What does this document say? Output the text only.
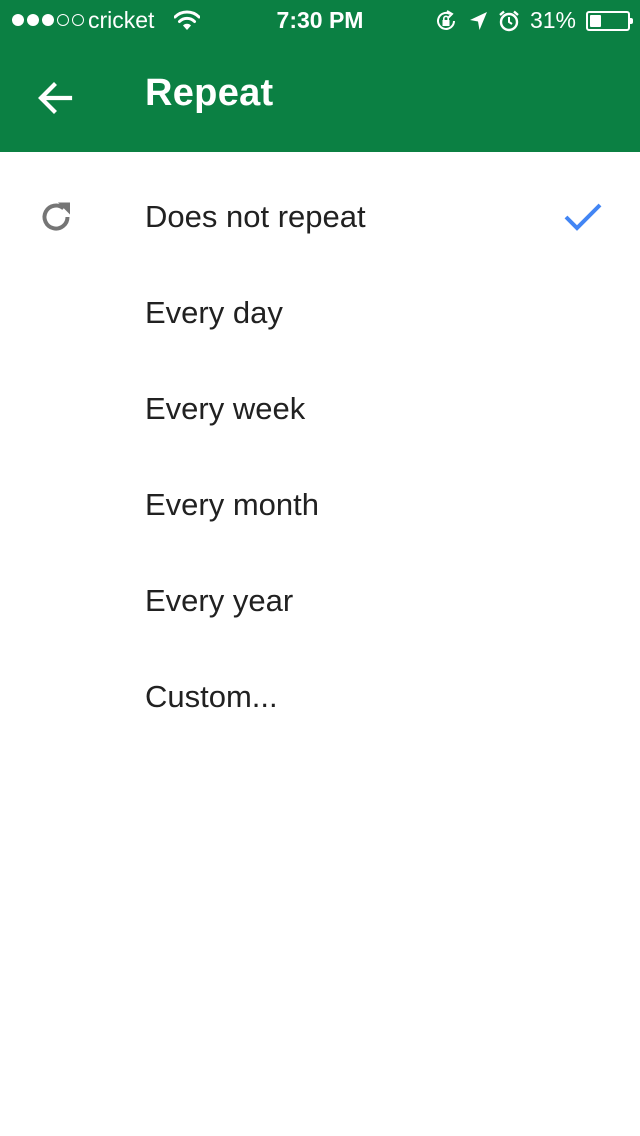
cricket	7:30 PM	31%
Repeat
Does not repeat
Every day
Every week
Every month
Every year
Custom...
